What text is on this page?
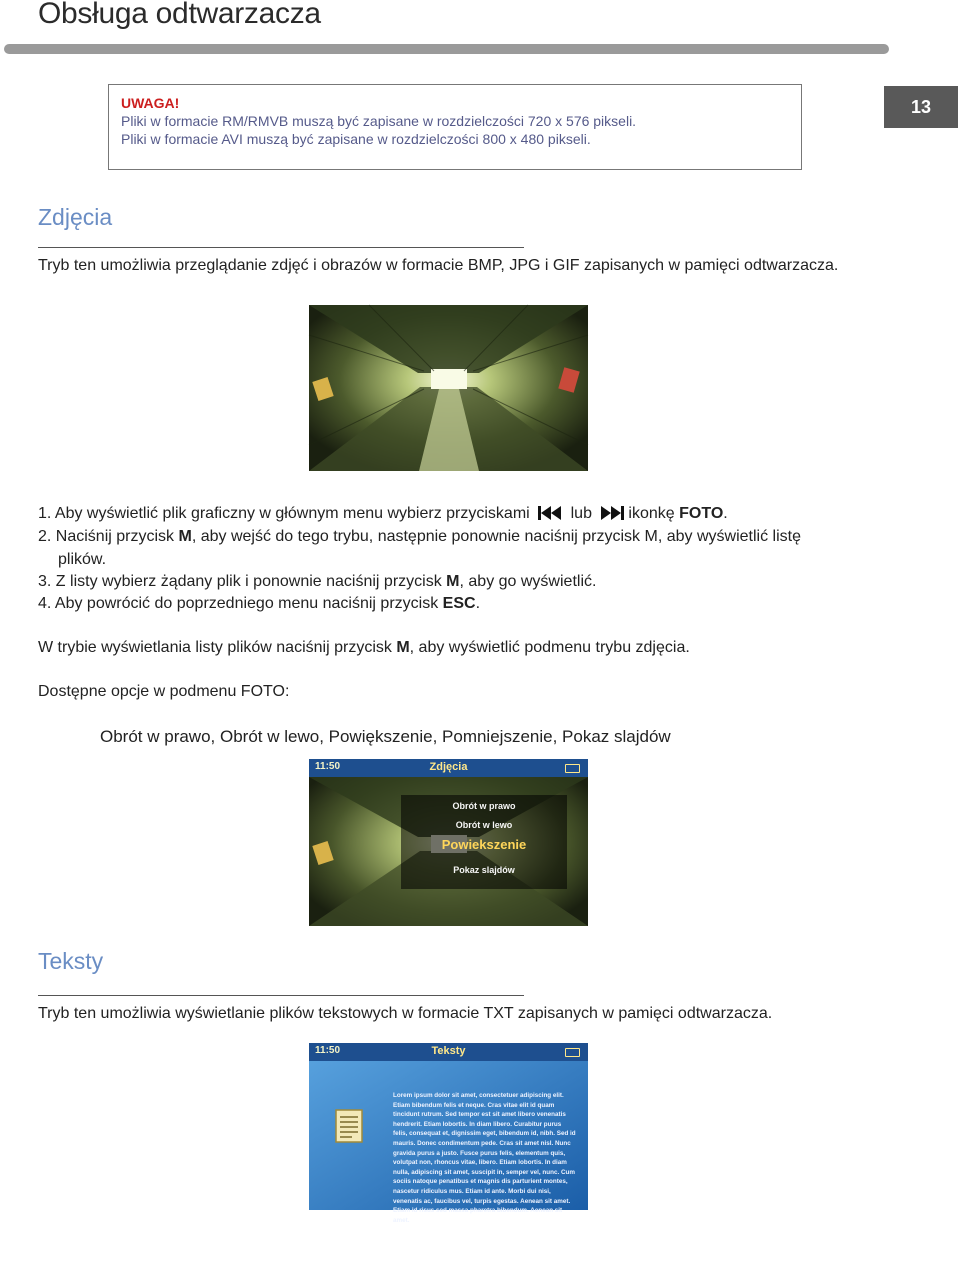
Obsługa odtwarzacza
13
UWAGA!
Pliki w formacie RM/RMVB muszą być zapisane w rozdzielczości 720 x 576 pikseli.
Pliki w formacie AVI muszą być zapisane w rozdzielczości 800 x 480 pikseli.
Zdjęcia
Tryb ten umożliwia przeglądanie zdjęć i obrazów w formacie BMP, JPG i GIF zapisanych w pamięci odtwarzacza.
1. Aby wyświetlić plik graficzny w głównym menu wybierz przyciskami	lub ikonkę FOTO.
2. Naciśnij przycisk M, aby wejść do tego trybu, następnie ponownie naciśnij przycisk M, aby wyświetlić listę
plików.
3. Z listy wybierz żądany plik i ponownie naciśnij przycisk M, aby go wyświetlić.
4. Aby powrócić do poprzedniego menu naciśnij przycisk ESC.
W trybie wyświetlania listy plików naciśnij przycisk M, aby wyświetlić podmenu trybu zdjęcia.
Dostępne opcje w podmenu FOTO:
Obrót w prawo, Obrót w lewo, Powiększenie, Pomniejszenie, Pokaz slajdów
11:50	Zdjęcia
Obrót w prawo
Obrót w lewo
Powiekszenie
Pokaz slajdów
Teksty
Tryb ten umożliwia wyświetlanie plików tekstowych w formacie TXT zapisanych w pamięci odtwarzacza.
11:50	Teksty
Lorem ipsum dolor sit amet, consectetuer adipiscing elit. Etiam bibendum felis et neque. Cras vitae elit id quam tincidunt rutrum. Sed tempor est sit amet libero venenatis hendrerit. Etiam lobortis. In diam libero. Curabitur purus felis, consequat et, dignissim eget, bibendum id, nibh. Sed id mauris. Donec condimentum pede. Cras sit amet nisl. Nunc gravida purus a justo. Fusce purus felis, elementum quis, volutpat non, rhoncus vitae, libero. Etiam lobortis. In diam nulla, adipiscing sit amet, suscipit in, semper vel, nunc. Cum sociis natoque penatibus et magnis dis parturient montes, nascetur ridiculus mus. Etiam id ante. Morbi dui nisi, venenatis ac, faucibus vel, turpis egestas. Aenean sit amet. Etiam id risus sed massa pharetra bibendum. Aenean sit amet.
